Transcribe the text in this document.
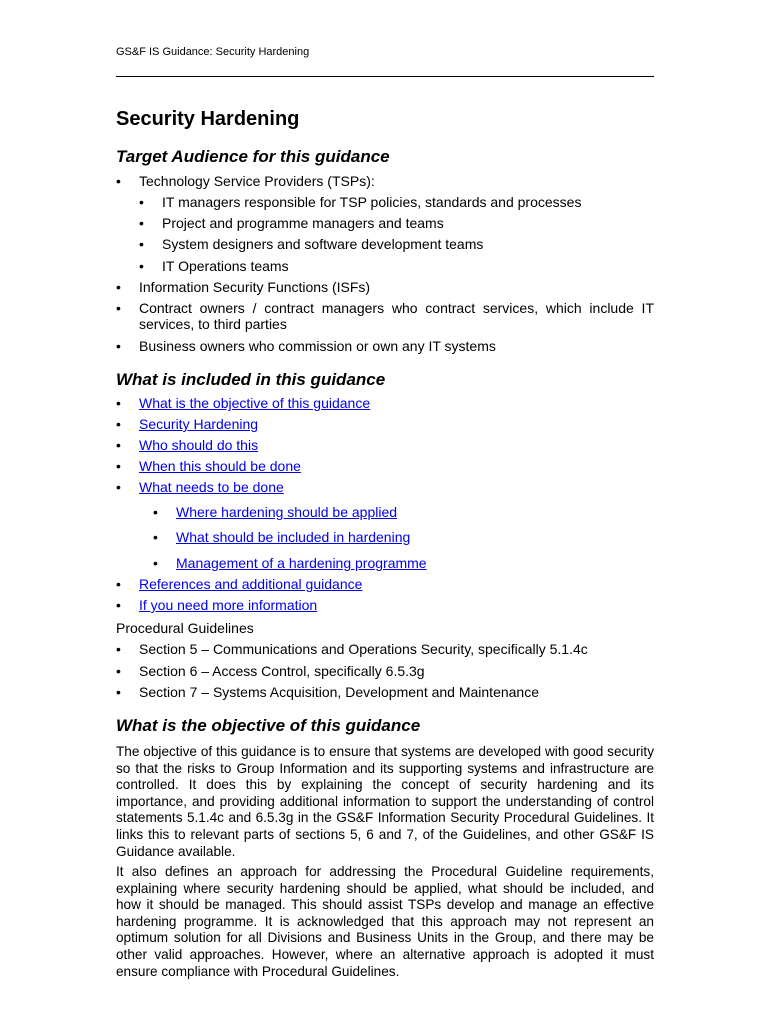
GS&F IS Guidance: Security Hardening
Security Hardening
Target Audience for this guidance
• Technology Service Providers (TSPs):
• IT managers responsible for TSP policies, standards and processes
• Project and programme managers and teams
• System designers and software development teams
• IT Operations teams
• Information Security Functions (ISFs)
• Contract owners / contract managers who contract services, which include IT services, to third parties
• Business owners who commission or own any IT systems
What is included in this guidance
• What is the objective of this guidance
• Security Hardening
• Who should do this
• When this should be done
• What needs to be done
• Where hardening should be applied
• What should be included in hardening
• Management of a hardening programme
• References and additional guidance
• If you need more information
Procedural Guidelines
• Section 5 – Communications and Operations Security, specifically 5.1.4c
• Section 6 – Access Control, specifically 6.5.3g
• Section 7 – Systems Acquisition, Development and Maintenance
What is the objective of this guidance

The objective of this guidance is to ensure that systems are developed with good security so that the risks to Group Information and its supporting systems and infrastructure are controlled. It does this by explaining the concept of security hardening and its importance, and providing additional information to support the understanding of control statements 5.1.4c and 6.5.3g in the GS&F Information Security Procedural Guidelines. It links this to relevant parts of sections 5, 6 and 7, of the Guidelines, and other GS&F IS Guidance available.

It also defines an approach for addressing the Procedural Guideline requirements, explaining where security hardening should be applied, what should be included, and how it should be managed. This should assist TSPs develop and manage an effective hardening programme. It is acknowledged that this approach may not represent an optimum solution for all Divisions and Business Units in the Group, and there may be other valid approaches. However, where an alternative approach is adopted it must ensure compliance with Procedural Guidelines.
